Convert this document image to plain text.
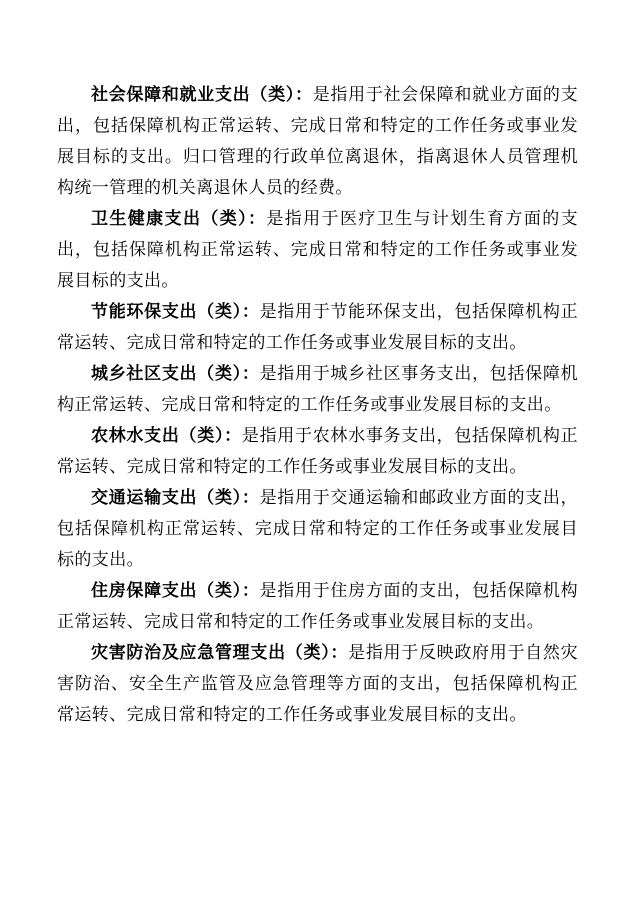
社会保障和就业支出（类）：是指用于社会保障和就业方面的支出，包括保障机构正常运转、完成日常和特定的工作任务或事业发展目标的支出。归口管理的行政单位离退休，指离退休人员管理机构统一管理的机关离退休人员的经费。

卫生健康支出（类）：是指用于医疗卫生与计划生育方面的支出，包括保障机构正常运转、完成日常和特定的工作任务或事业发展目标的支出。

节能环保支出（类）：是指用于节能环保支出，包括保障机构正常运转、完成日常和特定的工作任务或事业发展目标的支出。

城乡社区支出（类）：是指用于城乡社区事务支出，包括保障机构正常运转、完成日常和特定的工作任务或事业发展目标的支出。

农林水支出（类）：是指用于农林水事务支出，包括保障机构正常运转、完成日常和特定的工作任务或事业发展目标的支出。

交通运输支出（类）：是指用于交通运输和邮政业方面的支出，包括保障机构正常运转、完成日常和特定的工作任务或事业发展目标的支出。

住房保障支出（类）：是指用于住房方面的支出，包括保障机构正常运转、完成日常和特定的工作任务或事业发展目标的支出。

灾害防治及应急管理支出（类）：是指用于反映政府用于自然灾害防治、安全生产监管及应急管理等方面的支出，包括保障机构正常运转、完成日常和特定的工作任务或事业发展目标的支出。
